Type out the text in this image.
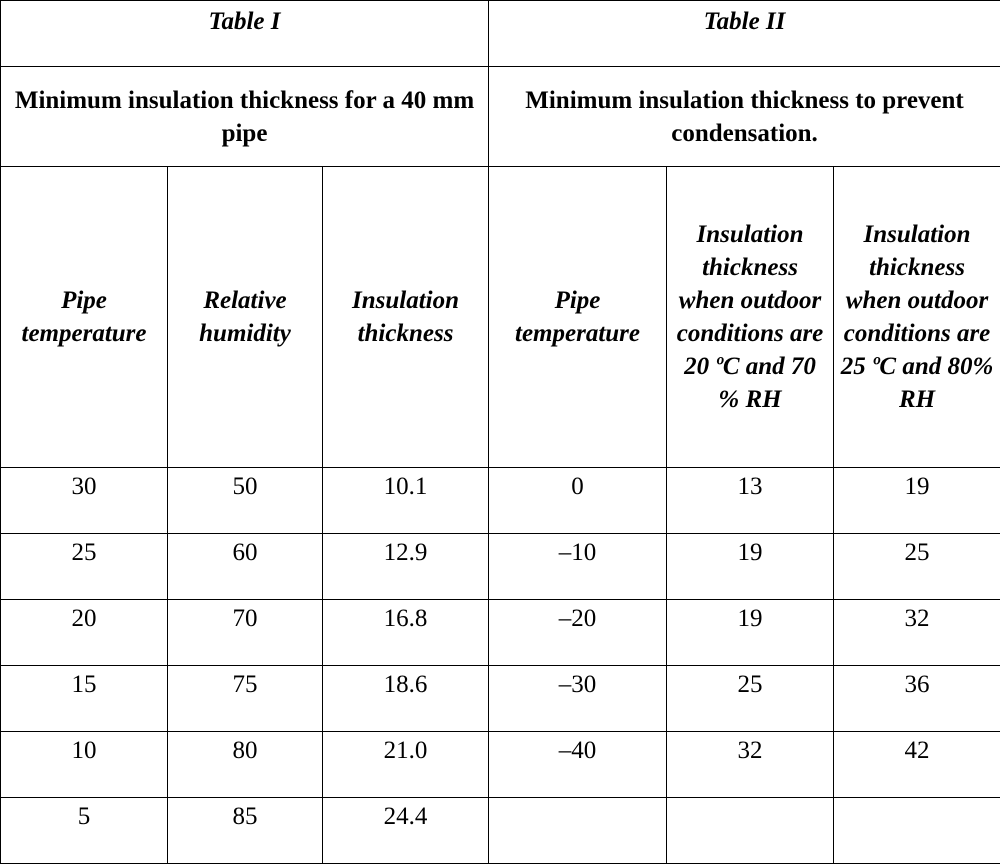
Table I			Table II		
Minimum insulation thickness for a 40 mm pipe			Minimum insulation thickness to prevent condensation.		
Pipe temperature	Relative humidity	Insulation thickness	Pipe temperature	Insulation thickness when outdoor conditions are 20 ºC and 70 % RH	Insulation thickness when outdoor conditions are 25 ºC and 80% RH
30	50	10.1	0	13	19
25	60	12.9	–10	19	25
20	70	16.8	–20	19	32
15	75	18.6	–30	25	36
10	80	21.0	–40	32	42
5	85	24.4			
